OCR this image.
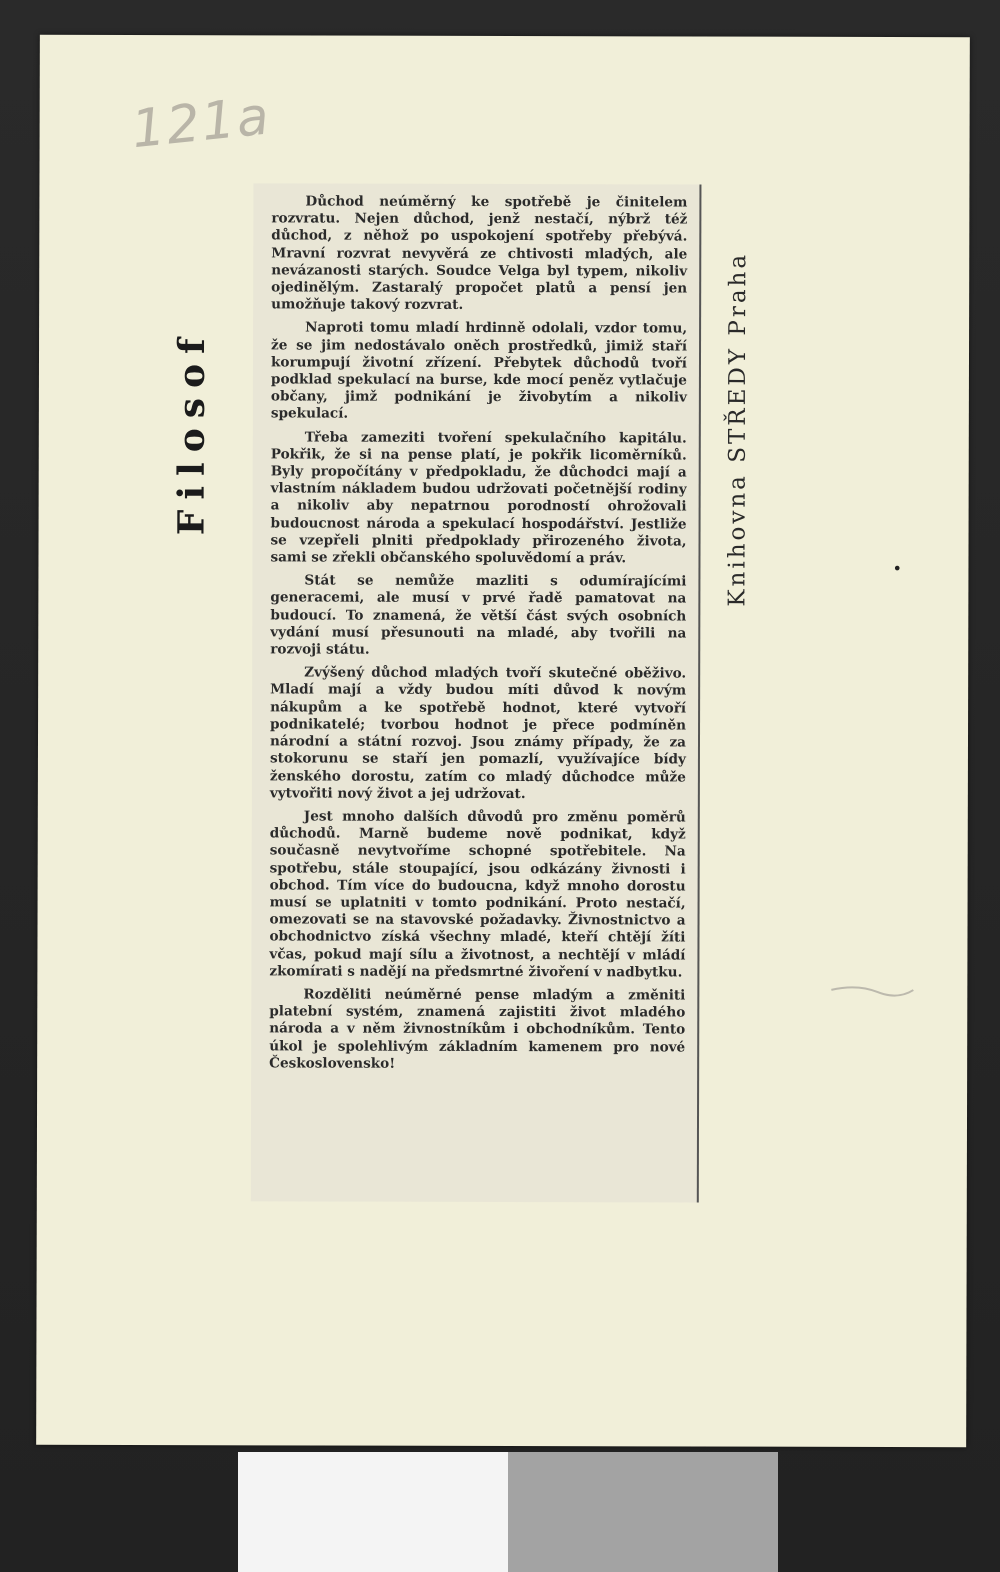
121a
Filosof

Důchod neúměrný ke spotřebě je činitelem rozvratu. Nejen důchod, jenž nestačí, nýbrž též důchod, z něhož po uspokojení spotřeby přebývá. Mravní rozvrat nevyvěrá ze chtivosti mladých, ale nevázanosti starých. Soudce Velga byl typem, nikoliv ojedinělým. Zastaralý propočet platů a pensí jen umožňuje takový rozvrat.

Naproti tomu mladí hrdinně odolali, vzdor tomu, že se jim nedostávalo oněch prostředků, jimiž staří korumpují životní zřízení. Přebytek důchodů tvoří podklad spekulací na burse, kde mocí peněz vytlačuje občany, jimž podnikání je živobytím a nikoliv spekulací.

Třeba zameziti tvoření spekulačního kapitálu. Pokřik, že si na pense platí, je pokřik licoměrníků. Byly propočítány v předpokladu, že důchodci mají a vlastním nákladem budou udržovati početnější rodiny a nikoliv aby nepatrnou porodností ohrožovali budoucnost národa a spekulací hospodářství. Jestliže se vzepřeli plniti předpoklady přirozeného života, sami se zřekli občanského spoluvědomí a práv.

Stát se nemůže mazliti s odumírajícími generacemi, ale musí v prvé řadě pamatovat na budoucí. To znamená, že větší část svých osobních vydání musí přesunouti na mladé, aby tvořili na rozvoji státu.

Zvýšený důchod mladých tvoří skutečné oběživo. Mladí mají a vždy budou míti důvod k novým nákupům a ke spotřebě hodnot, které vytvoří podnikatelé; tvorbou hodnot je přece podmíněn národní a státní rozvoj. Jsou známy případy, že za stokorunu se staří jen pomazlí, využívajíce bídy ženského dorostu, zatím co mladý důchodce může vytvořiti nový život a jej udržovat.

Jest mnoho dalších důvodů pro změnu poměrů důchodů. Marně budeme nově podnikat, když současně nevytvoříme schopné spotřebitele. Na spotřebu, stále stoupající, jsou odkázány živnosti i obchod. Tím více do budoucna, když mnoho dorostu musí se uplatniti v tomto podnikání. Proto nestačí, omezovati se na stavovské požadavky. Živnostnictvo a obchodnictvo získá všechny mladé, kteří chtějí žíti včas, pokud mají sílu a životnost, a nechtějí v mládí zkomírati s nadějí na předsmrtné živoření v nadbytku.

Rozděliti neúměrné pense mladým a změniti platební systém, znamená zajistiti život mladého národa a v něm živnostníkům i obchodníkům. Tento úkol je spolehlivým základním kamenem pro nové Československo!

Knihovna STŘEDY Praha	•
